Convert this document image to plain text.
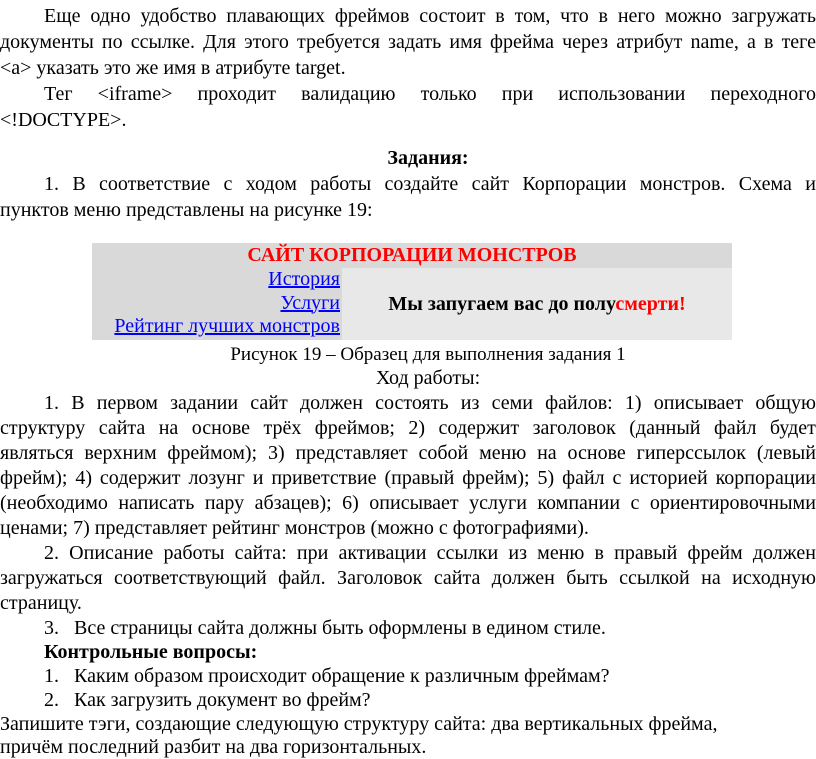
Еще одно удобство плавающих фреймов состоит в том, что в него можно загружать
документы по ссылке. Для этого требуется задать имя фрейма через атрибут name, а в теге
<a> указать это же имя в атрибуте target.
Тег <iframe> проходит валидацию только при использовании переходного
<!DOCTYPE>.
Задания:
1. В соответствие с ходом работы создайте сайт Корпорации монстров. Схема и
пунктов меню представлены на рисунке 19:
САЙТ КОРПОРАЦИИ МОНСТРОВ
История
Услуги
Рейтинг лучших монстров
Мы запугаем вас до полусмерти!
Рисунок 19 – Образец для выполнения задания 1
Ход работы:
1. В первом задании сайт должен состоять из семи файлов: 1) описывает общую
структуру сайта на основе трёх фреймов; 2) содержит заголовок (данный файл будет
являться верхним фреймом); 3) представляет собой меню на основе гиперссылок (левый
фрейм); 4) содержит лозунг и приветствие (правый фрейм); 5) файл с историей корпорации
(необходимо написать пару абзацев); 6) описывает услуги компании с ориентировочными
ценами; 7) представляет рейтинг монстров (можно с фотографиями).
2. Описание работы сайта: при активации ссылки из меню в правый фрейм должен
загружаться соответствующий файл. Заголовок сайта должен быть ссылкой на исходную
страницу.
3.   Все страницы сайта должны быть оформлены в едином стиле.
Контрольные вопросы:
1.   Каким образом происходит обращение к различным фреймам?
2.   Как загрузить документ во фрейм?
Запишите тэги, создающие следующую структуру сайта: два вертикальных фрейма,
причём последний разбит на два горизонтальных.
